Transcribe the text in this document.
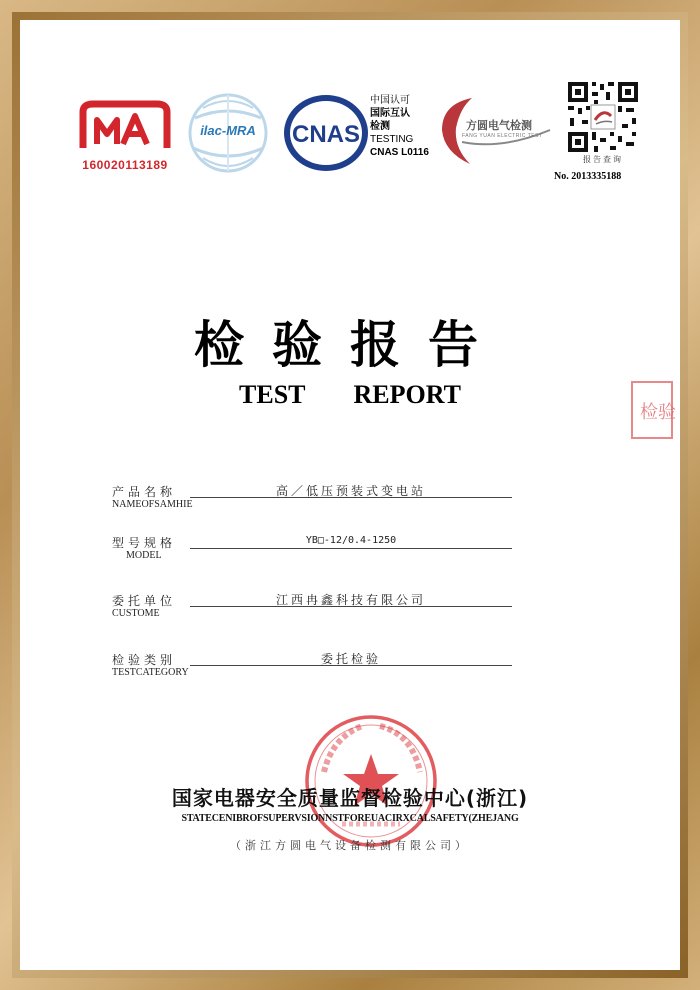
160020113189
ilac-MRA	CNAS
中国认可
国际互认
检测
TESTING
CNAS L0116
方圆电气检测
FANG YUAN ELECTRIC TEST
报告查询
No. 2013335188
检验报告
TEST REPORT
检验
产品名称
NAMEOFSAMHIE
高／低压预装式变电站
型号规格
MODEL
YB□-12/0.4-1250
委托单位
CUSTOME
江西冉鑫科技有限公司
检验类别
TESTCATEGORY
委托检验
国家电器安全质量监督检验中心(浙江)
STATECENIBROFSUPERVSIONNSTFOREUACIRXCALSAFETY(ZHEJANG
（浙江方圆电气设备检测有限公司）
